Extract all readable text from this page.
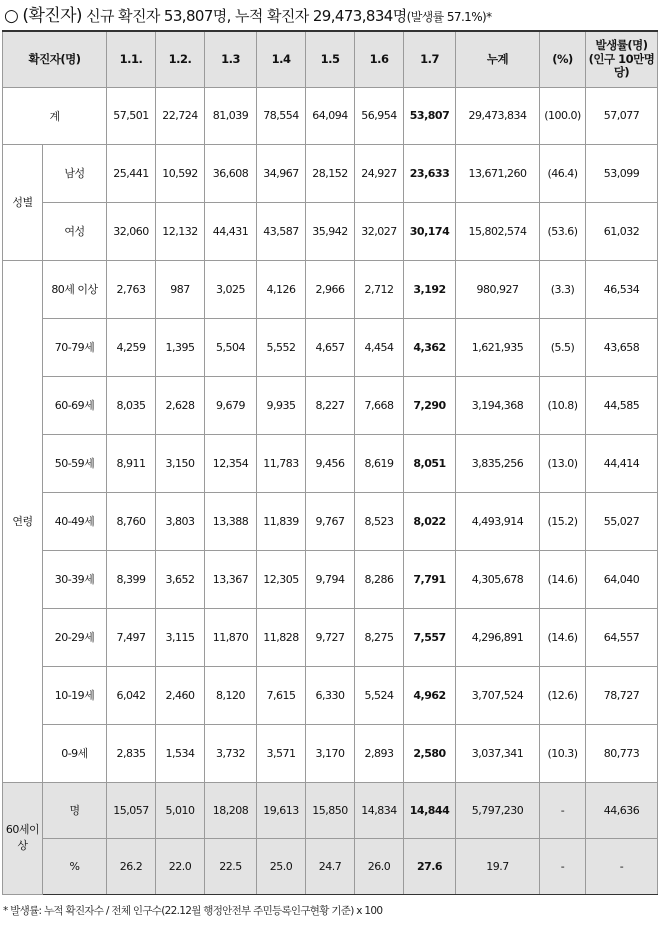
○ (확진자) 신규 확진자 53,807명, 누적 확진자 29,473,834명(발생률 57.1%)*
확진자(명)		1.1.	1.2.	1.3	1.4	1.5	1.6	1.7	누계	(%)	발생률(명) (인구 10만명당)
계		57,501	22,724	81,039	78,554	64,094	56,954	53,807	29,473,834	(100.0)	57,077
성별	남성	25,441	10,592	36,608	34,967	28,152	24,927	23,633	13,671,260	(46.4)	53,099
	여성	32,060	12,132	44,431	43,587	35,942	32,027	30,174	15,802,574	(53.6)	61,032
연령	80세 이상	2,763	987	3,025	4,126	2,966	2,712	3,192	980,927	(3.3)	46,534
	70-79세	4,259	1,395	5,504	5,552	4,657	4,454	4,362	1,621,935	(5.5)	43,658
	60-69세	8,035	2,628	9,679	9,935	8,227	7,668	7,290	3,194,368	(10.8)	44,585
	50-59세	8,911	3,150	12,354	11,783	9,456	8,619	8,051	3,835,256	(13.0)	44,414
	40-49세	8,760	3,803	13,388	11,839	9,767	8,523	8,022	4,493,914	(15.2)	55,027
	30-39세	8,399	3,652	13,367	12,305	9,794	8,286	7,791	4,305,678	(14.6)	64,040
	20-29세	7,497	3,115	11,870	11,828	9,727	8,275	7,557	4,296,891	(14.6)	64,557
	10-19세	6,042	2,460	8,120	7,615	6,330	5,524	4,962	3,707,524	(12.6)	78,727
	0-9세	2,835	1,534	3,732	3,571	3,170	2,893	2,580	3,037,341	(10.3)	80,773
60세이상	명	15,057	5,010	18,208	19,613	15,850	14,834	14,844	5,797,230	-	44,636
	%	26.2	22.0	22.5	25.0	24.7	26.0	27.6	19.7	-	-
* 발생률: 누적 확진자수 / 전체 인구수(22.12월 행정안전부 주민등록인구현황 기준) x 100
